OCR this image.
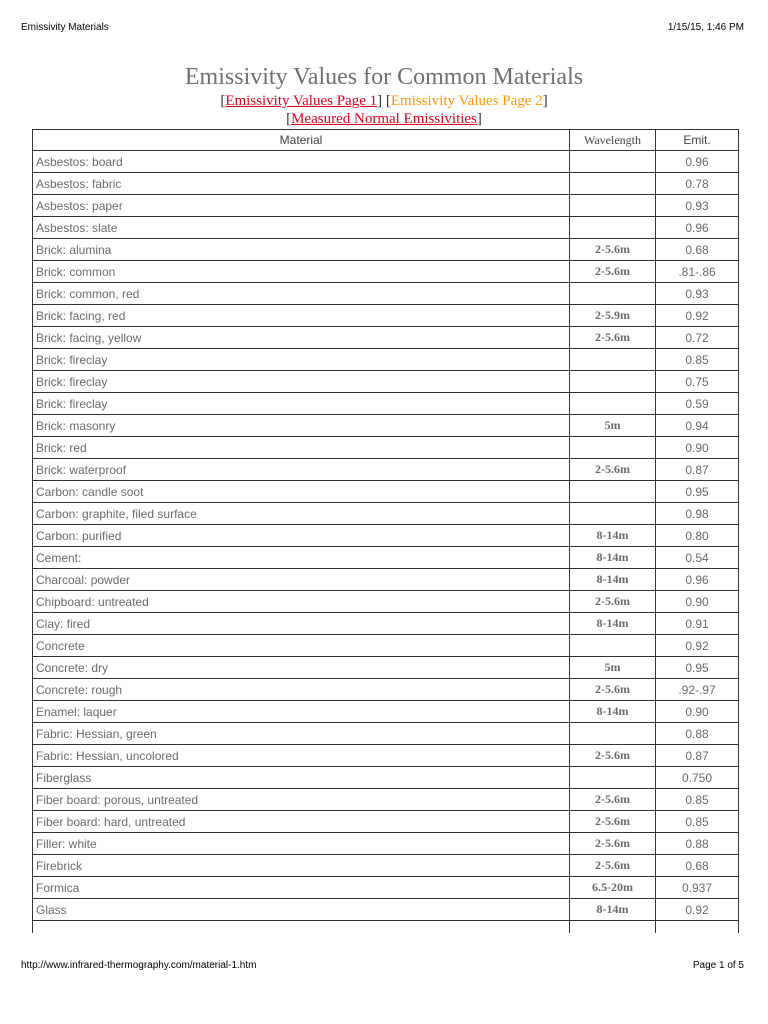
Emissivity Materials	1/15/15, 1:46 PM
Emissivity Values for Common Materials
[Emissivity Values Page 1] [Emissivity Values Page 2]
[Measured Normal Emissivities]
Material	Wavelength	Emit.
Asbestos: board		0.96
Asbestos: fabric		0.78
Asbestos: paper		0.93
Asbestos: slate		0.96
Brick: alumina	2-5.6m	0.68
Brick: common	2-5.6m	.81-.86
Brick: common, red		0.93
Brick: facing, red	2-5.9m	0.92
Brick: facing, yellow	2-5.6m	0.72
Brick: fireclay		0.85
Brick: fireclay		0.75
Brick: fireclay		0.59
Brick: masonry	5m	0.94
Brick: red		0.90
Brick: waterproof	2-5.6m	0.87
Carbon: candle soot		0.95
Carbon: graphite, filed surface		0.98
Carbon: purified	8-14m	0.80
Cement:	8-14m	0.54
Charcoal: powder	8-14m	0.96
Chipboard: untreated	2-5.6m	0.90
Clay: fired	8-14m	0.91
Concrete		0.92
Concrete: dry	5m	0.95
Concrete: rough	2-5.6m	.92-.97
Enamel: laquer	8-14m	0.90
Fabric: Hessian, green		0.88
Fabric: Hessian, uncolored	2-5.6m	0.87
Fiberglass		0.750
Fiber board: porous, untreated	2-5.6m	0.85
Fiber board: hard, untreated	2-5.6m	0.85
Filler: white	2-5.6m	0.88
Firebrick	2-5.6m	0.68
Formica	6.5-20m	0.937
Glass	8-14m	0.92

http://www.infrared-thermography.com/material-1.htm	Page 1 of 5
